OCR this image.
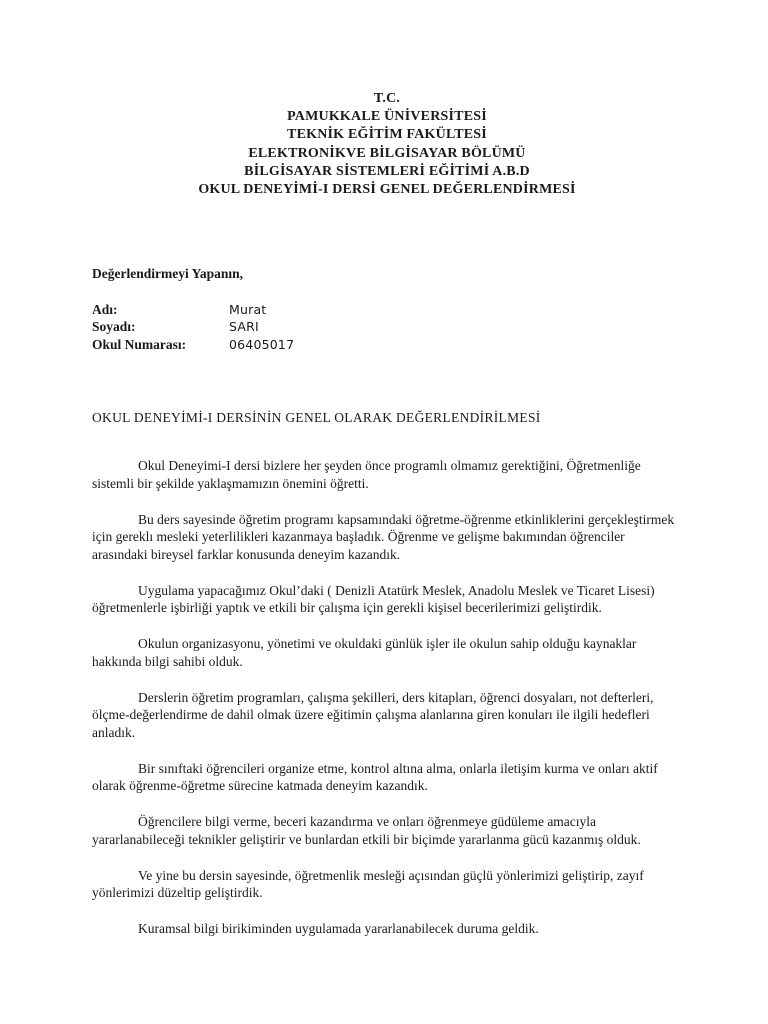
T.C.
PAMUKKALE ÜNİVERSİTESİ
TEKNİK EĞİTİM FAKÜLTESİ
ELEKTRONİKVE BİLGİSAYAR BÖLÜMÜ
BİLGİSAYAR SİSTEMLERİ EĞİTİMİ A.B.D
OKUL DENEYİMİ-I DERSİ GENEL DEĞERLENDİRMESİ
Değerlendirmeyi Yapanın,
Adı:	Murat
Soyadı:	SARI
Okul Numarası:	06405017
OKUL DENEYİMİ-I DERSİNİN GENEL OLARAK DEĞERLENDİRİLMESİ

Okul Deneyimi-I dersi bizlere her şeyden önce programlı olmamız gerektiğini, Öğretmenliğe sistemli bir şekilde yaklaşmamızın önemini öğretti.

Bu ders sayesinde öğretim programı kapsamındaki öğretme-öğrenme etkinliklerini gerçekleştirmek için gereklı mesleki yeterlilikleri kazanmaya başladık. Öğrenme ve gelişme bakımından öğrenciler arasındaki bireysel farklar konusunda deneyim kazandık.

Uygulama yapacağımız Okul’daki ( Denizli Atatürk Meslek, Anadolu Meslek ve Ticaret Lisesi) öğretmenlerle işbirliği yaptık ve etkili bir çalışma için gerekli kişisel becerilerimizi geliştirdik.

Okulun organizasyonu, yönetimi ve okuldaki günlük işler ile okulun sahip olduğu kaynaklar hakkında bilgi sahibi olduk.

Derslerin öğretim programları, çalışma şekilleri, ders kitapları, öğrenci dosyaları, not defterleri, ölçme-değerlendirme de dahil olmak üzere eğitimin çalışma alanlarına giren konuları ile ilgili hedefleri anladık.

Bir sınıftaki öğrencileri organize etme, kontrol altına alma, onlarla iletişim kurma ve onları aktif olarak öğrenme-öğretme sürecine katmada deneyim kazandık.

Öğrencilere bilgi verme, beceri kazandırma ve onları öğrenmeye güdüleme amacıyla yararlanabileceği teknikler geliştirir ve bunlardan etkili bir biçimde yararlanma gücü kazanmış olduk.

Ve yine bu dersin sayesinde, öğretmenlik mesleği açısından güçlü yönlerimizi geliştirip, zayıf yönlerimizi düzeltip geliştirdik.

Kuramsal bilgi birikiminden uygulamada yararlanabilecek duruma geldik.
